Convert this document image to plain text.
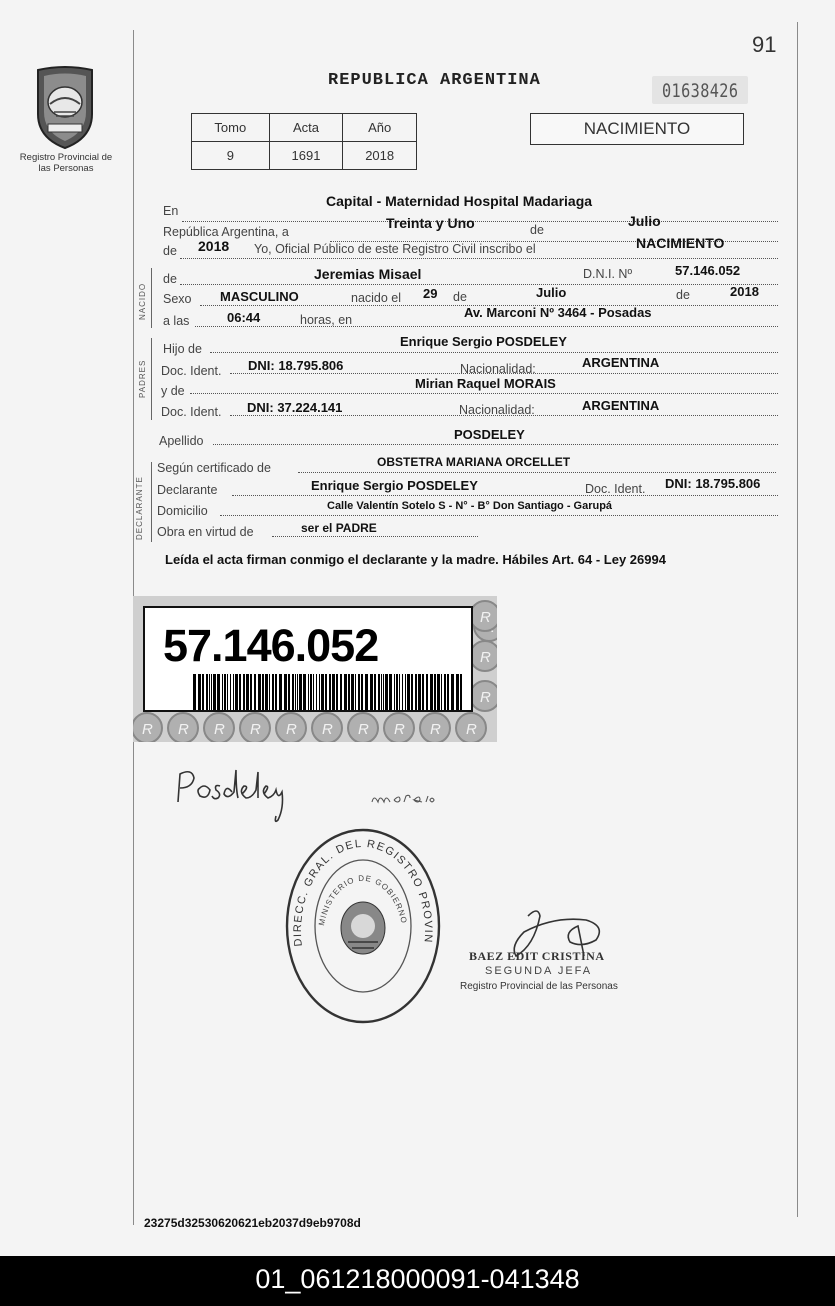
91
Registro Provincial de las Personas
REPUBLICA ARGENTINA	01638426
Tomo	Acta	Año
9	1691	2018
NACIMIENTO
En
Capital - Maternidad Hospital Madariaga
República Argentina, a
Treinta y Uno	de
Julio
de 2018 Yo, Oficial Público de este Registro Civil inscribo el	NACIMIENTO
NACIDO
de	Jeremias Misael	D.N.I. Nº	57.146.052
Sexo MASCULINO	nacido el 29 de	Julio	de	2018
a las	06:44	horas, en	Av. Marconi Nº 3464 - Posadas
PADRES
Hijo de	Enrique Sergio POSDELEY
Doc. Ident. DNI: 18.795.806	Nacionalidad:	ARGENTINA
y de	Mirian Raquel MORAIS
Doc. Ident. DNI: 37.224.141	Nacionalidad:	ARGENTINA
Apellido	POSDELEY
DECLARANTE
Según certificado de	OBSTETRA MARIANA ORCELLET
Declarante	Enrique Sergio POSDELEY	Doc. Ident. DNI: 18.795.806
Domicilio	Calle Valentín Sotelo S - N° - B° Don Santiago - Garupá
Obra en virtud de	ser el PADRE
Leída el acta firman conmigo el declarante y la madre. Hábiles Art. 64 - Ley 26994
R R R R R R R R R R
R
R
R
57.146.052
DIRECC. GRAL. DEL REGISTRO PROVIN
MINISTERIO DE GOBIERNO
BAEZ EDIT CRISTINA
SEGUNDA JEFA
Registro Provincial de las Personas
23275d32530620621eb2037d9eb9708d
01_061218000091-041348
